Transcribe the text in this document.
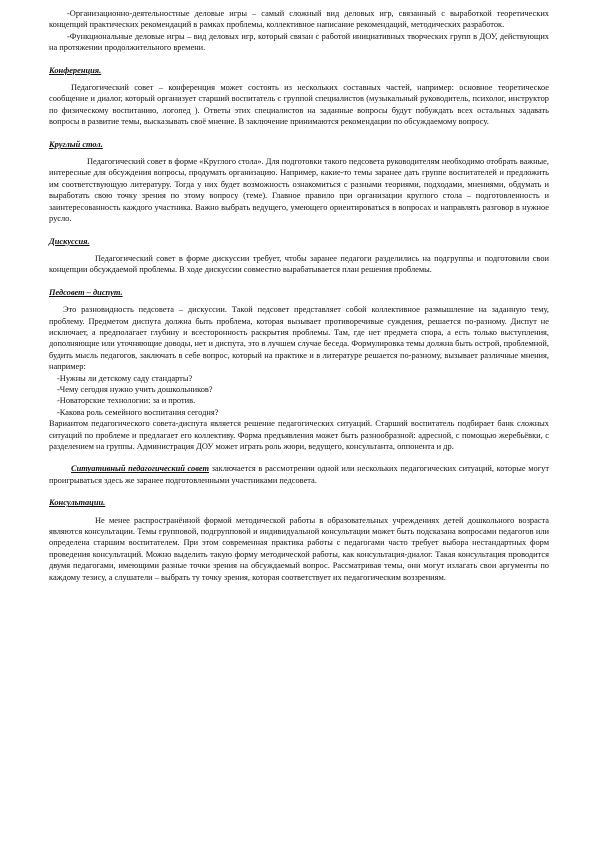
-Организационно-деятельностные деловые игры – самый сложный вид деловых игр, связанный с выработкой теоретических концепций практических рекомендаций в рамках проблемы, коллективное написание рекомендаций, методических разработок.

-Функциональные деловые игры – вид деловых игр, который связан с работой инициативных творческих групп в ДОУ, действующих на протяжении продолжительного времени.

Конференция.

Педагогический совет – конференция может состоять из нескольких составных частей, например: основное теоретическое сообщение и диалог, который организует старший воспитатель с группой специалистов (музыкальный руководитель, психолог, инструктор по физическому воспитанию, логопед ). Ответы этих специалистов на заданные вопросы будут побуждать всех остальных задавать вопросы в развитие темы, высказывать своё мнение. В заключение принимаются рекомендации по обсуждаемому вопросу.

Круглый стол.

Педагогический совет в форме «Круглого стола». Для подготовки такого педсовета руководителям необходимо отобрать важные, интересные для обсуждения вопросы, продумать организацию. Например, какие-то темы заранее дать группе воспитателей и предложить им соответствующую литературу. Тогда у них будет возможность ознакомиться с разными теориями, подходами, мнениями, обдумать и выработать свою точку зрения по этому вопросу (теме). Главное правило при организации круглого стола – подготовленность и заинтересованность каждого участника. Важно выбрать ведущего, умеющего ориентироваться в вопросах и направлять разговор в нужное русло.

Дискуссия.

Педагогический совет в форме дискуссии требует, чтобы заранее педагоги разделились на подгруппы и подготовили свои концепции обсуждаемой проблемы. В ходе дискуссии совместно вырабатывается план решения проблемы.

Педсовет – диспут.

Это разновидность педсовета – дискуссии. Такой педсовет представляет собой коллективное размышление на заданную тему, проблему. Предметом диспута должна быть проблема, которая вызывает противоречивые суждения, решается по-разному. Диспут не исключает, а предполагает глубину и всесторонность раскрытия проблемы. Там, где нет предмета спора, а есть только выступления, дополняющие или уточняющие доводы, нет и диспута, это в лучшем случае беседа. Формулировка темы должна быть острой, проблемной, будить мысль педагогов, заключать в себе вопрос, который на практике и в литературе решается по-разному, вызывает различные мнения, например:

-Нужны ли детскому саду стандарты?
-Чему сегодня нужно учить дошкольников?
-Новаторские технологии: за и против.
-Какова роль семейного воспитания сегодня?

Вариантом педагогического совета-диспута является решение педагогических ситуаций. Старший воспитатель подбирает банк сложных ситуаций по проблеме и предлагает его коллективу. Форма предъявления может быть разнообразной: адресной, с помощью жеребьёвки, с разделением на группы. Администрация ДОУ может играть роль жюри, ведущего, консультанта, оппонента и др.

Ситуативный педагогический совет заключается в рассмотрении одной или нескольких педагогических ситуаций, которые могут проигрываться здесь же заранее подготовленными участниками педсовета.

Консультации.

Не менее распространённой формой методической работы в образовательных учреждениях детей дошкольного возраста являются консультации. Темы групповой, подгрупповой и индивидуальной консультации может быть подсказана вопросами педагогов или определена старшим воспитателем. При этом современная практика работы с педагогами часто требует выбора нестандартных форм проведения консультаций. Можно выделить такую форму методической работы, как консультация-диалог. Такая консультация проводится двумя педагогами, имеющими разные точки зрения на обсуждаемый вопрос. Рассматривая темы, они могут излагать свои аргументы по каждому тезису, а слушатели – выбрать ту точку зрения, которая соответствует их педагогическим воззрениям.
